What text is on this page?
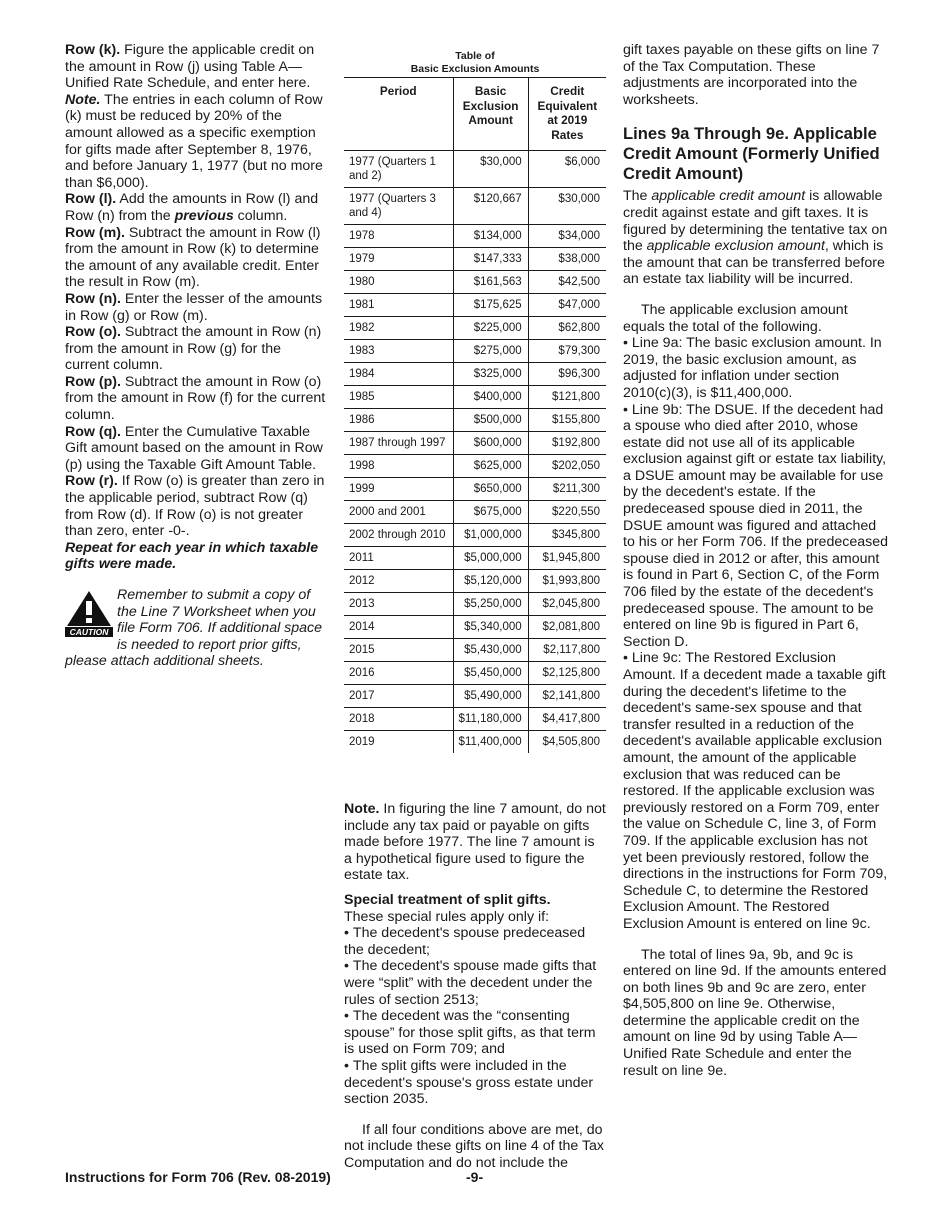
Row (k). Figure the applicable credit on the amount in Row (j) using Table A—Unified Rate Schedule, and enter here.

Note. The entries in each column of Row (k) must be reduced by 20% of the amount allowed as a specific exemption for gifts made after September 8, 1976, and before January 1, 1977 (but no more than $6,000).

Row (l). Add the amounts in Row (l) and Row (n) from the previous column.

Row (m). Subtract the amount in Row (l) from the amount in Row (k) to determine the amount of any available credit. Enter the result in Row (m).

Row (n). Enter the lesser of the amounts in Row (g) or Row (m).

Row (o). Subtract the amount in Row (n) from the amount in Row (g) for the current column.

Row (p). Subtract the amount in Row (o) from the amount in Row (f) for the current column.

Row (q). Enter the Cumulative Taxable Gift amount based on the amount in Row (p) using the Taxable Gift Amount Table.

Row (r). If Row (o) is greater than zero in the applicable period, subtract Row (q) from Row (d). If Row (o) is not greater than zero, enter -0-.

Repeat for each year in which taxable gifts were made.

CAUTION
Remember to submit a copy of the Line 7 Worksheet when you file Form 706. If additional space is needed to report prior gifts, please attach additional sheets.
Table of
Basic Exclusion Amounts
Period	Basic Exclusion Amount	Credit Equivalent at 2019 Rates
1977 (Quarters 1 and 2)	$30,000	$6,000
1977 (Quarters 3 and 4)	$120,667	$30,000
1978	$134,000	$34,000
1979	$147,333	$38,000
1980	$161,563	$42,500
1981	$175,625	$47,000
1982	$225,000	$62,800
1983	$275,000	$79,300
1984	$325,000	$96,300
1985	$400,000	$121,800
1986	$500,000	$155,800
1987 through 1997	$600,000	$192,800
1998	$625,000	$202,050
1999	$650,000	$211,300
2000 and 2001	$675,000	$220,550
2002 through 2010	$1,000,000	$345,800
2011	$5,000,000	$1,945,800
2012	$5,120,000	$1,993,800
2013	$5,250,000	$2,045,800
2014	$5,340,000	$2,081,800
2015	$5,430,000	$2,117,800
2016	$5,450,000	$2,125,800
2017	$5,490,000	$2,141,800
2018	$11,180,000	$4,417,800
2019	$11,400,000	$4,505,800

Note. In figuring the line 7 amount, do not include any tax paid or payable on gifts made before 1977. The line 7 amount is a hypothetical figure used to figure the estate tax.

Special treatment of split gifts.

These special rules apply only if:

• The decedent's spouse predeceased the decedent;

• The decedent's spouse made gifts that were “split” with the decedent under the rules of section 2513;

• The decedent was the “consenting spouse” for those split gifts, as that term is used on Form 709; and

• The split gifts were included in the decedent's spouse's gross estate under section 2035.

If all four conditions above are met, do not include these gifts on line 4 of the Tax Computation and do not include the

gift taxes payable on these gifts on line 7 of the Tax Computation. These adjustments are incorporated into the worksheets.

Lines 9a Through 9e. Applicable Credit Amount (Formerly Unified Credit Amount)

The applicable credit amount is allowable credit against estate and gift taxes. It is figured by determining the tentative tax on the applicable exclusion amount, which is the amount that can be transferred before an estate tax liability will be incurred.

The applicable exclusion amount equals the total of the following.

• Line 9a: The basic exclusion amount. In 2019, the basic exclusion amount, as adjusted for inflation under section 2010(c)(3), is $11,400,000.

• Line 9b: The DSUE. If the decedent had a spouse who died after 2010, whose estate did not use all of its applicable exclusion against gift or estate tax liability, a DSUE amount may be available for use by the decedent's estate. If the predeceased spouse died in 2011, the DSUE amount was figured and attached to his or her Form 706. If the predeceased spouse died in 2012 or after, this amount is found in Part 6, Section C, of the Form 706 filed by the estate of the decedent's predeceased spouse. The amount to be entered on line 9b is figured in Part 6, Section D.

• Line 9c: The Restored Exclusion Amount. If a decedent made a taxable gift during the decedent's lifetime to the decedent's same-sex spouse and that transfer resulted in a reduction of the decedent's available applicable exclusion amount, the amount of the applicable exclusion that was reduced can be restored. If the applicable exclusion was previously restored on a Form 709, enter the value on Schedule C, line 3, of Form 709. If the applicable exclusion has not yet been previously restored, follow the directions in the instructions for Form 709, Schedule C, to determine the Restored Exclusion Amount. The Restored Exclusion Amount is entered on line 9c.

The total of lines 9a, 9b, and 9c is entered on line 9d. If the amounts entered on both lines 9b and 9c are zero, enter $4,505,800 on line 9e. Otherwise, determine the applicable credit on the amount on line 9d by using Table A—Unified Rate Schedule and enter the result on line 9e.

Instructions for Form 706 (Rev. 08-2019)	-9-
